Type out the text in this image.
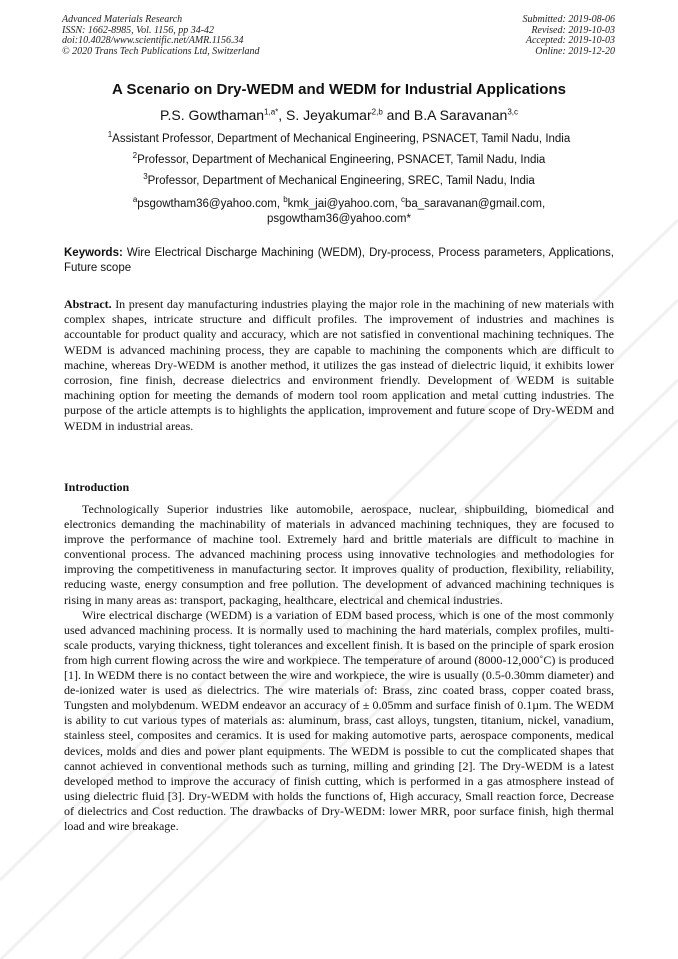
Advanced Materials Research
ISSN: 1662-8985, Vol. 1156, pp 34-42
doi:10.4028/www.scientific.net/AMR.1156.34
© 2020 Trans Tech Publications Ltd, Switzerland
Submitted: 2019-08-06
Revised: 2019-10-03
Accepted: 2019-10-03
Online: 2019-12-20
A Scenario on Dry-WEDM and WEDM for Industrial Applications
P.S. Gowthaman$^{1,a*}$, S. Jeyakumar$^{2,b}$ and B.A Saravanan$^{3,c}$
$^1$Assistant Professor, Department of Mechanical Engineering, PSNACET, Tamil Nadu, India
$^2$Professor, Department of Mechanical Engineering, PSNACET, Tamil Nadu, India
$^3$Professor, Department of Mechanical Engineering, SREC, Tamil Nadu, India
$^a$psgowtham36@yahoo.com, $^b$kmk_jai@yahoo.com, $^c$ba_saravanan@gmail.com,
psgowtham36@yahoo.com*
Keywords: Wire Electrical Discharge Machining (WEDM), Dry-process, Process parameters, Applications, Future scope
Abstract. In present day manufacturing industries playing the major role in the machining of new materials with complex shapes, intricate structure and difficult profiles. The improvement of industries and machines is accountable for product quality and accuracy, which are not satisfied in conventional machining techniques. The WEDM is advanced machining process, they are capable to machining the components which are difficult to machine, whereas Dry-WEDM is another method, it utilizes the gas instead of dielectric liquid, it exhibits lower corrosion, fine finish, decrease dielectrics and environment friendly. Development of WEDM is suitable machining option for meeting the demands of modern tool room application and metal cutting industries. The purpose of the article attempts is to highlights the application, improvement and future scope of Dry-WEDM and WEDM in industrial areas.
Introduction

Technologically Superior industries like automobile, aerospace, nuclear, shipbuilding, biomedical and electronics demanding the machinability of materials in advanced machining techniques, they are focused to improve the performance of machine tool. Extremely hard and brittle materials are difficult to machine in conventional process. The advanced machining process using innovative technologies and methodologies for improving the competitiveness in manufacturing sector. It improves quality of production, flexibility, reliability, reducing waste, energy consumption and free pollution. The development of advanced machining techniques is rising in many areas as: transport, packaging, healthcare, electrical and chemical industries.

Wire electrical discharge (WEDM) is a variation of EDM based process, which is one of the most commonly used advanced machining process. It is normally used to machining the hard materials, complex profiles, multi-scale products, varying thickness, tight tolerances and excellent finish. It is based on the principle of spark erosion from high current flowing across the wire and workpiece. The temperature of around (8000-12,000˚C) is produced [1]. In WEDM there is no contact between the wire and workpiece, the wire is usually (0.5-0.30mm diameter) and de-ionized water is used as dielectrics. The wire materials of: Brass, zinc coated brass, copper coated brass, Tungsten and molybdenum. WEDM endeavor an accuracy of ± 0.05mm and surface finish of 0.1µm. The WEDM is ability to cut various types of materials as: aluminum, brass, cast alloys, tungsten, titanium, nickel, vanadium, stainless steel, composites and ceramics. It is used for making automotive parts, aerospace components, medical devices, molds and dies and power plant equipments. The WEDM is possible to cut the complicated shapes that cannot achieved in conventional methods such as turning, milling and grinding [2]. The Dry-WEDM is a latest developed method to improve the accuracy of finish cutting, which is performed in a gas atmosphere instead of using dielectric fluid [3]. Dry-WEDM with holds the functions of, High accuracy, Small reaction force, Decrease of dielectrics and Cost reduction. The drawbacks of Dry-WEDM: lower MRR, poor surface finish, high thermal load and wire breakage.
